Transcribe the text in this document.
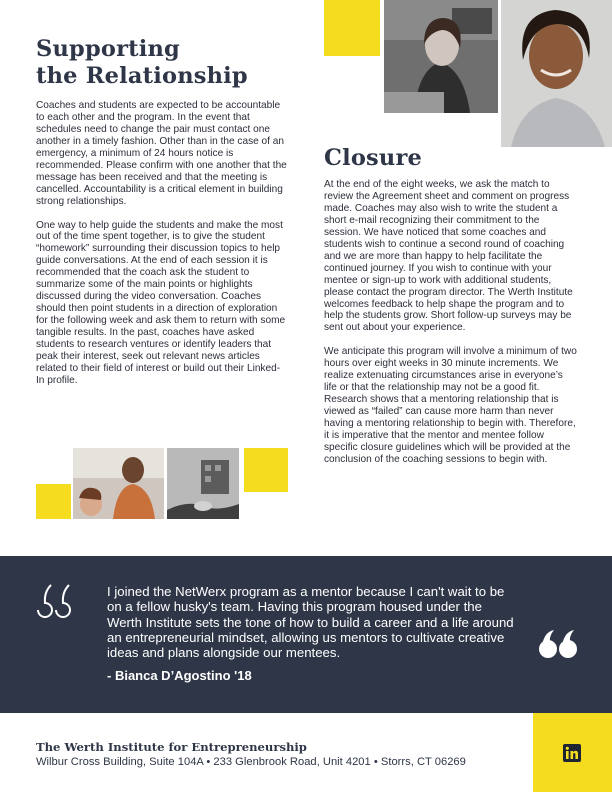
Supporting
the Relationship

Coaches and students are expected to be accountable to each other and the program. In the event that schedules need to change the pair must contact one another in a timely fashion. Other than in the case of an emergency, a minimum of 24 hours notice is recommended. Please confirm with one another that the message has been received and that the meeting is cancelled. Accountability is a critical element in building strong relationships.

One way to help guide the students and make the most out of the time spent together, is to give the student “homework” surrounding their discussion topics to help guide conversations. At the end of each session it is recommended that the coach ask the student to summarize some of the main points or highlights discussed during the video conversation. Coaches should then point students in a direction of exploration for the following week and ask them to return with some tangible results. In the past, coaches have asked students to research ventures or identify leaders that peak their interest, seek out relevant news articles related to their field of interest or build out their Linked-In profile.

Closure

At the end of the eight weeks, we ask the match to review the Agreement sheet and comment on progress made. Coaches may also wish to write the student a short e-mail recognizing their commitment to the session. We have noticed that some coaches and students wish to continue a second round of coaching and we are more than happy to help facilitate the continued journey. If you wish to continue with your mentee or sign-up to work with additional students, please contact the program director. The Werth Institute welcomes feedback to help shape the program and to help the students grow. Short follow-up surveys may be sent out about your experience.

We anticipate this program will involve a minimum of two hours over eight weeks in 30 minute increments. We realize extenuating circumstances arise in everyone’s life or that the relationship may not be a good fit. Research shows that a mentoring relationship that is viewed as “failed” can cause more harm than never having a mentoring relationship to begin with. Therefore, it is imperative that the mentor and mentee follow specific closure guidelines which will be provided at the conclusion of the coaching sessions to begin with.

I joined the NetWerx program as a mentor because I can't wait to be on a fellow husky's team. Having this program housed under the Werth Institute sets the tone of how to build a career and a life around an entrepreneurial mindset, allowing us mentors to cultivate creative ideas and plans alongside our mentees.
- Bianca D’Agostino '18
The Werth Institute for Entrepreneurship
Wilbur Cross Building, Suite 104A • 233 Glenbrook Road, Unit 4201 • Storrs, CT 06269
